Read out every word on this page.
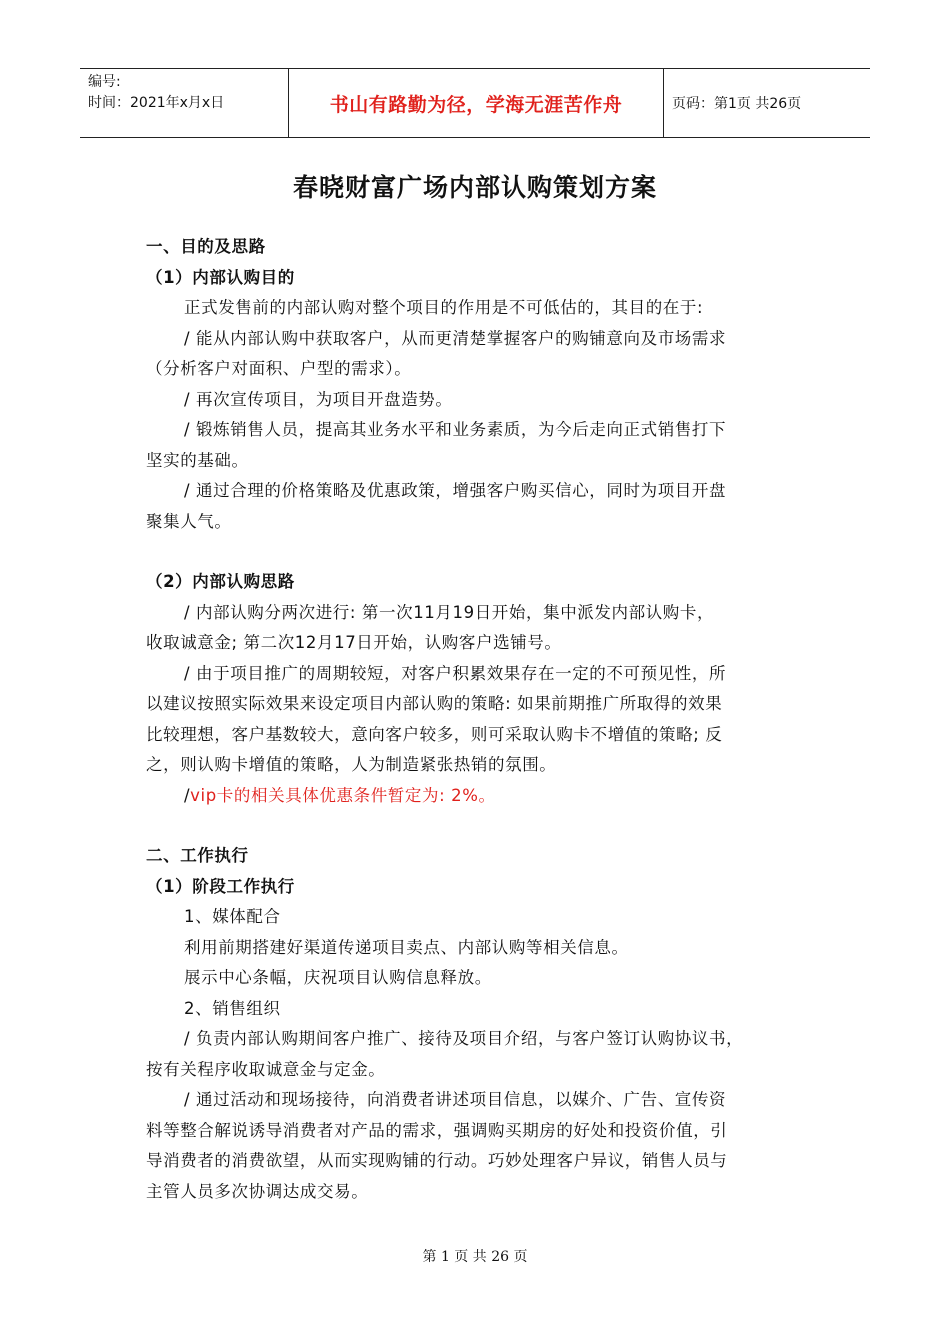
编号:
时间：2021年x月x日	书山有路勤为径，学海无涯苦作舟	页码：第1页 共26页
春晓财富广场内部认购策划方案
一、目的及思路
（1）内部认购目的
正式发售前的内部认购对整个项目的作用是不可低估的，其目的在于:
/ 能从内部认购中获取客户，从而更清楚掌握客户的购铺意向及市场需求
（分析客户对面积、户型的需求）。
/ 再次宣传项目，为项目开盘造势。
/ 锻炼销售人员，提高其业务水平和业务素质，为今后走向正式销售打下
坚实的基础。
/ 通过合理的价格策略及优惠政策，增强客户购买信心，同时为项目开盘
聚集人气。
（2）内部认购思路
/ 内部认购分两次进行: 第一次11月19日开始，集中派发内部认购卡，
收取诚意金; 第二次12月17日开始，认购客户选铺号。
/ 由于项目推广的周期较短，对客户积累效果存在一定的不可预见性，所
以建议按照实际效果来设定项目内部认购的策略: 如果前期推广所取得的效果
比较理想，客户基数较大，意向客户较多，则可采取认购卡不增值的策略; 反
之，则认购卡增值的策略，人为制造紧张热销的氛围。
/vip卡的相关具体优惠条件暂定为: 2%。
二、工作执行
（1）阶段工作执行
1、媒体配合
利用前期搭建好渠道传递项目卖点、内部认购等相关信息。
展示中心条幅，庆祝项目认购信息释放。
2、销售组织
/ 负责内部认购期间客户推广、接待及项目介绍，与客户签订认购协议书，
按有关程序收取诚意金与定金。
/ 通过活动和现场接待，向消费者讲述项目信息，以媒介、广告、宣传资
料等整合解说诱导消费者对产品的需求，强调购买期房的好处和投资价值，引
导消费者的消费欲望，从而实现购铺的行动。巧妙处理客户异议，销售人员与
主管人员多次协调达成交易。
第 1 页 共 26 页
